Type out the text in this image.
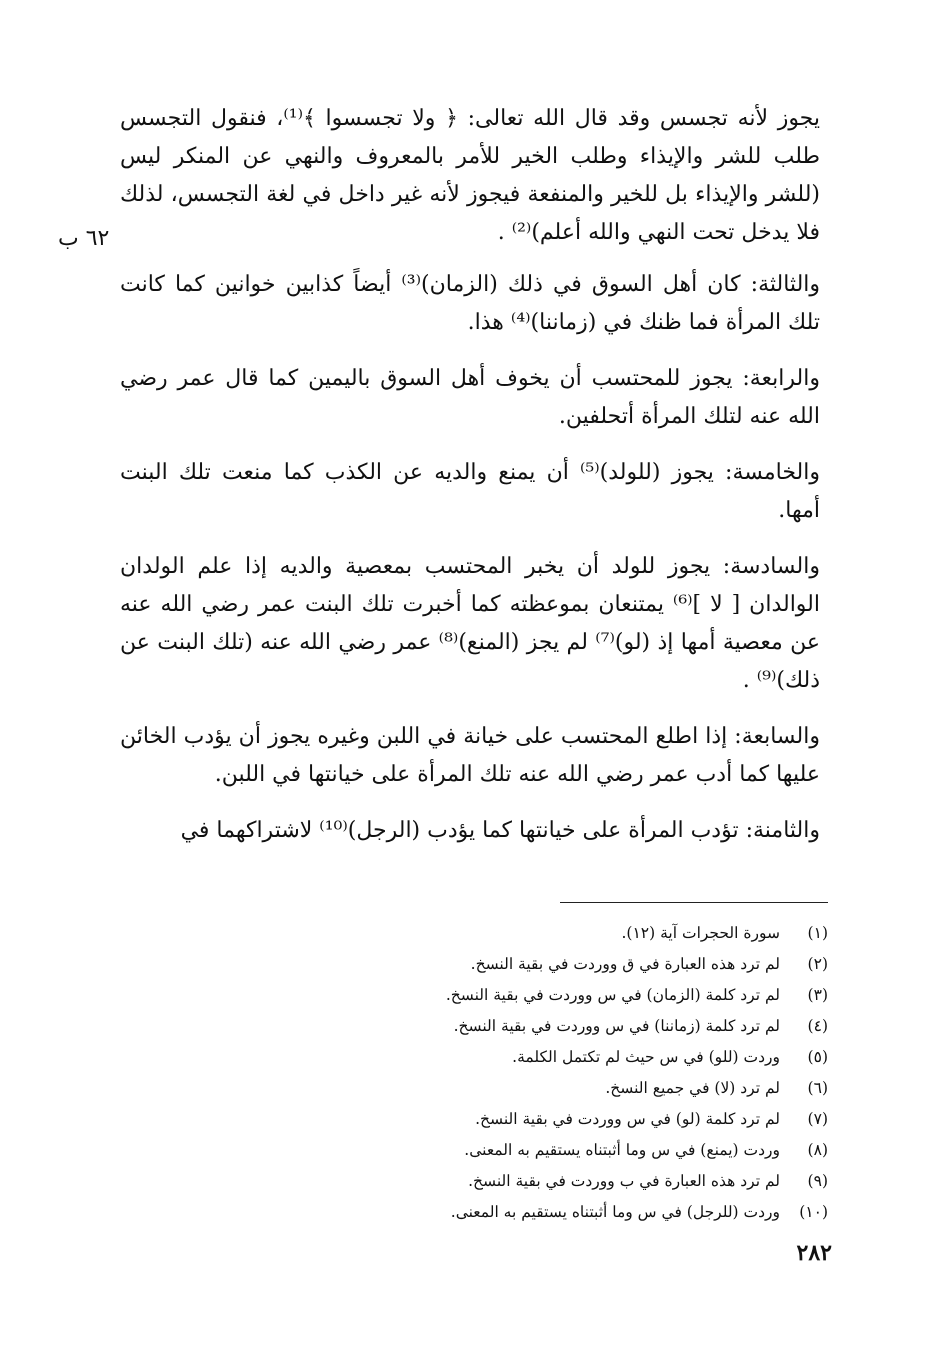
٦٢ ب

يجوز لأنه تجسس وقد قال الله تعالى: ﴿ ولا تجسسوا ﴾⁽¹⁾، فنقول التجسس طلب للشر والإيذاء وطلب الخير للأمر بالمعروف والنهي عن المنكر ليس (للشر والإيذاء بل للخير والمنفعة فيجوز لأنه غير داخل في لغة التجسس، لذلك فلا يدخل تحت النهي والله أعلم)⁽²⁾ .

والثالثة: كان أهل السوق في ذلك (الزمان)⁽³⁾ أيضاً كذابين خوانين كما كانت تلك المرأة فما ظنك في (زماننا)⁽⁴⁾ هذا.

والرابعة: يجوز للمحتسب أن يخوف أهل السوق باليمين كما قال عمر رضي الله عنه لتلك المرأة أتحلفين.

والخامسة: يجوز (للولد)⁽⁵⁾ أن يمنع والديه عن الكذب كما منعت تلك البنت أمها.

والسادسة: يجوز للولد أن يخبر المحتسب بمعصية والديه إذا علم الولدان الوالدان [ لا ]⁽⁶⁾ يمتنعان بموعظته كما أخبرت تلك البنت عمر رضي الله عنه عن معصية أمها إذ (لو)⁽⁷⁾ لم يجز (المنع)⁽⁸⁾ عمر رضي الله عنه (تلك البنت عن ذلك)⁽⁹⁾ .

والسابعة: إذا اطلع المحتسب على خيانة في اللبن وغيره يجوز أن يؤدب الخائن عليها كما أدب عمر رضي الله عنه تلك المرأة على خيانتها في اللبن.

والثامنة: تؤدب المرأة على خيانتها كما يؤدب (الرجل)⁽¹⁰⁾ لاشتراكهما في

(١)
سورة الحجرات آية (١٢).
(٢)
لم ترد هذه العبارة في ق ووردت في بقية النسخ.
(٣)
لم ترد كلمة (الزمان) في س ووردت في بقية النسخ.
(٤)
لم ترد كلمة (زماننا) في س ووردت في بقية النسخ.
(٥)
وردت (للو) في س حيث لم تكتمل الكلمة.
(٦)
لم ترد (لا) في جميع النسخ.
(٧)
لم ترد كلمة (لو) في س ووردت في بقية النسخ.
(٨)
وردت (يمنع) في س وما أثبتناه يستقيم به المعنى.
(٩)
لم ترد هذه العبارة في ب ووردت في بقية النسخ.
(١٠)
وردت (للرجل) في س وما أثبتناه يستقيم به المعنى.
٢٨٢
